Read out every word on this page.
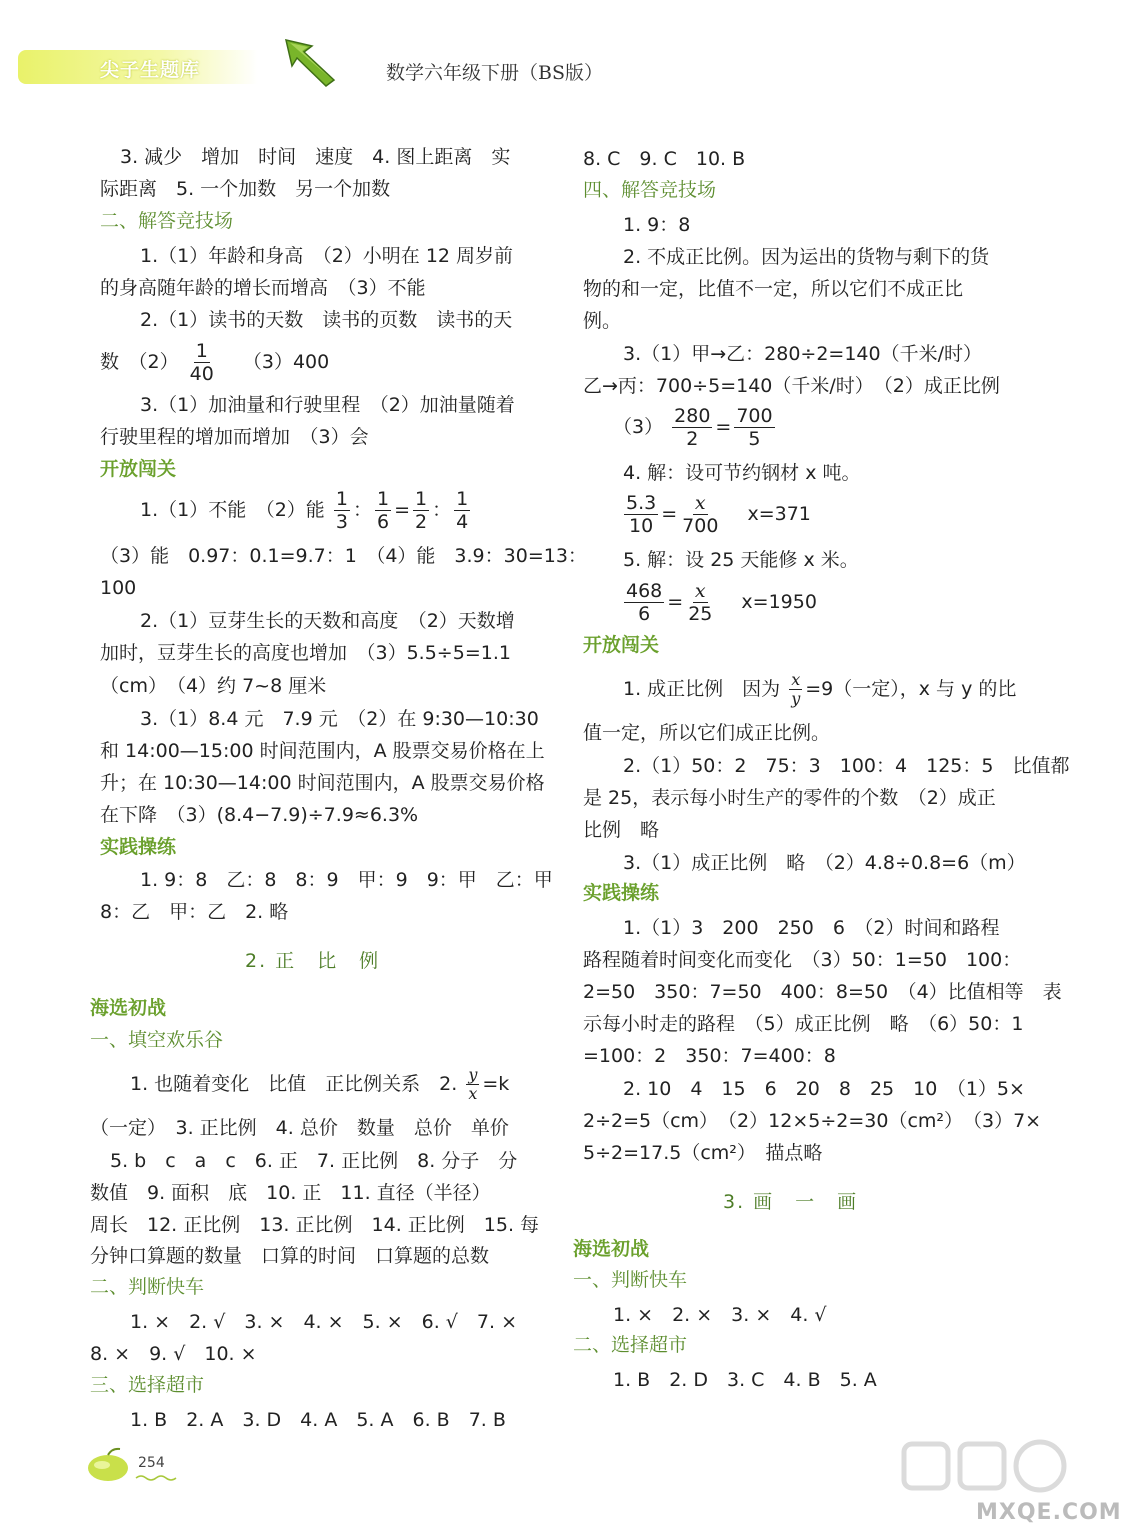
尖子生题库	数学六年级下册（BS版）
3. 减少　增加　时间　速度　4. 图上距离　实
际距离　5. 一个加数　另一个加数
二、解答竞技场
1.（1）年龄和身高　（2）小明在 12 周岁前
的身高随年龄的增长而增高　（3）不能
2.（1）读书的天数　读书的页数　读书的天
数　$(2) \frac{1}{40} (3)400$
3.（1）加油量和行驶里程　（2）加油量随着
行驶里程的增加而增加　（3）会
开放闯关
1.（1）不能　（2）能 $\frac{1}{3}$ ： $\frac{1}{6} = \frac{1}{2}$ ： $\frac{1}{4}$
（3）能　0.97：0.1=9.7：1　（4）能　3.9：30=13：
100
2.（1）豆芽生长的天数和高度　（2）天数增
加时，豆芽生长的高度也增加　（3）5.5÷5=1.1
（cm）　（4）约 7~8 厘米
3.（1）8.4 元　7.9 元　（2）在 9:30—10:30
和 14:00—15:00 时间范围内，A 股票交易价格在上
升；在 10:30—14:00 时间范围内，A 股票交易价格
在下降　（3）(8.4−7.9)÷7.9≈6.3%
实践操练
1. 9：8　乙：8　8：9　甲：9　9：甲　乙：甲
8：乙　甲：乙　2. 略
2. 正　比　例
海选初战
一、填空欢乐谷
1. 也随着变化　比值　正比例关系　2. $\frac{y}{x} =k$
（一定）　3. 正比例　4. 总价　数量　总价　单价
5. b　c　a　c　6. 正　7. 正比例　8. 分子　分
数值　9. 面积　底　10. 正　11. 直径（半径）
周长　12. 正比例　13. 正比例　14. 正比例　15. 每
分钟口算题的数量　口算的时间　口算题的总数
二、判断快车
1. ×　2. √　3. ×　4. ×　5. ×　6. √　7. ×
8. ×　9. √　10. ×
三、选择超市
1. B　2. A　3. D　4. A　5. A　6. B　7. B
8. C　9. C　10. B
四、解答竞技场
1. 9：8
2. 不成正比例。因为运出的货物与剩下的货
物的和一定，比值不一定，所以它们不成正比
例。
3.（1）甲→乙：280÷2=140（千米/时）
乙→丙：700÷5=140（千米/时）　（2）成正比例
$(3) \frac{280}{2} = \frac{700}{5}$
4. 解：设可节约钢材 x 吨。
$\frac{5.3}{10} = \frac{x}{700} x=371$
5. 解：设 25 天能修 x 米。
$\frac{468}{6} = \frac{x}{25} x=1950$
开放闯关
1. 成正比例　因为 $\frac{x}{y} =9$（一定），x 与 y 的比
值一定，所以它们成正比例。
2.（1）50：2　75：3　100：4　125：5　比值都
是 25，表示每小时生产的零件的个数　（2）成正
比例　略
3.（1）成正比例　略　（2）4.8÷0.8=6（m）
实践操练
1.（1）3　200　250　6　（2）时间和路程
路程随着时间变化而变化　（3）50：1=50　100：
2=50　350：7=50　400：8=50　（4）比值相等　表
示每小时走的路程　（5）成正比例　略　（6）50：1
=100：2　350：7=400：8
2. 10　4　15　6　20　8　25　10　（1）5×
2÷2=5（cm）　（2）12×5÷2=30（cm²）　（3）7×
5÷2=17.5（cm²）　描点略
3. 画　一　画
海选初战
一、判断快车
1. ×　2. ×　3. ×　4. √
二、选择超市
1. B　2. D　3. C　4. B　5. A
254
MXQE.COM
